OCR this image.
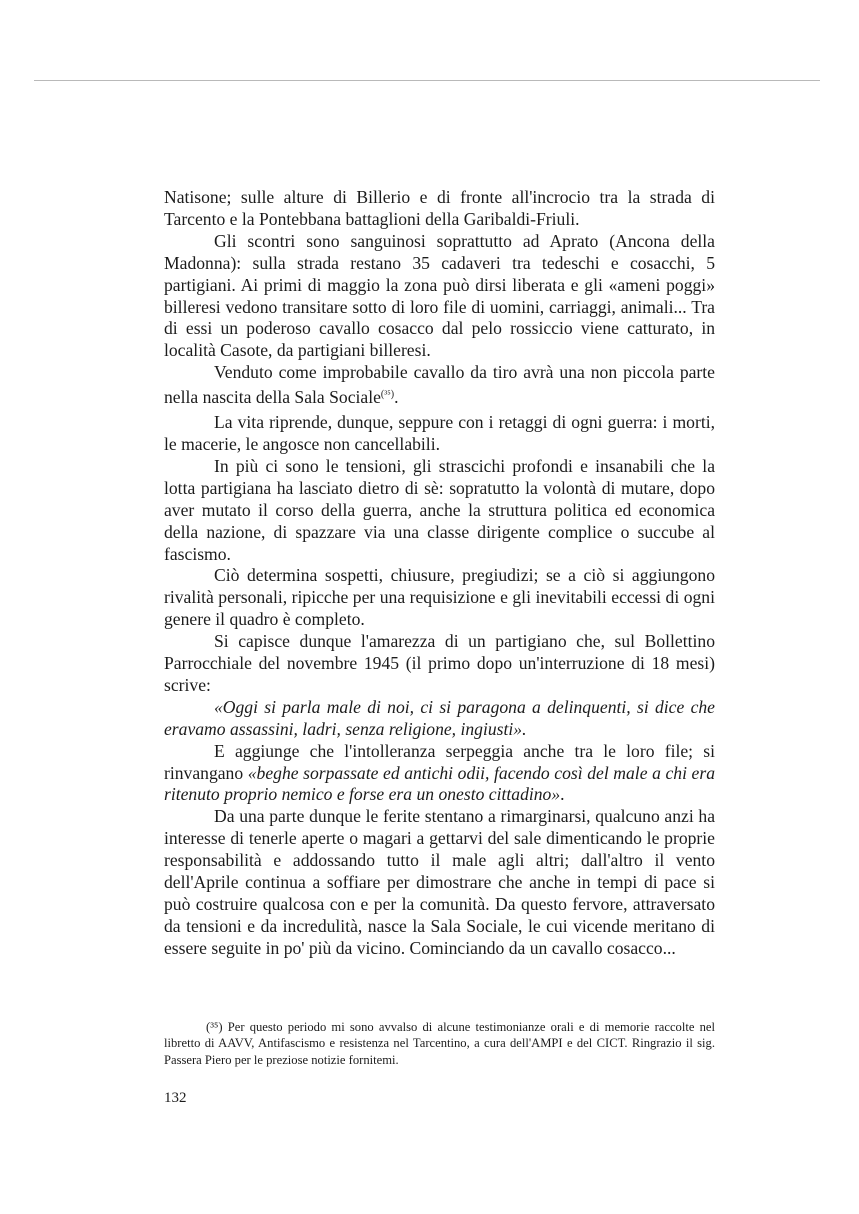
Natisone; sulle alture di Billerio e di fronte all'incrocio tra la strada di Tarcento e la Pontebbana battaglioni della Garibaldi-Friuli.

Gli scontri sono sanguinosi soprattutto ad Aprato (Ancona della Madonna): sulla strada restano 35 cadaveri tra tedeschi e cosacchi, 5 partigiani. Ai primi di maggio la zona può dirsi liberata e gli «ameni poggi» billeresi vedono transitare sotto di loro file di uomini, carriaggi, animali... Tra di essi un poderoso cavallo cosacco dal pelo rossiccio viene catturato, in località Casote, da partigiani billeresi.

Venduto come improbabile cavallo da tiro avrà una non piccola parte nella nascita della Sala Sociale$^{(^{35})}$.

La vita riprende, dunque, seppure con i retaggi di ogni guerra: i morti, le macerie, le angosce non cancellabili.

In più ci sono le tensioni, gli strascichi profondi e insanabili che la lotta partigiana ha lasciato dietro di sè: sopratutto la volontà di mutare, dopo aver mutato il corso della guerra, anche la struttura politica ed economica della nazione, di spazzare via una classe dirigente complice o succube al fascismo.

Ciò determina sospetti, chiusure, pregiudizi; se a ciò si aggiungono rivalità personali, ripicche per una requisizione e gli inevitabili eccessi di ogni genere il quadro è completo.

Si capisce dunque l'amarezza di un partigiano che, sul Bollettino Parrocchiale del novembre 1945 (il primo dopo un'interruzione di 18 mesi) scrive:

«Oggi si parla male di noi, ci si paragona a delinquenti, si dice che eravamo assassini, ladri, senza religione, ingiusti».

E aggiunge che l'intolleranza serpeggia anche tra le loro file; si rinvangano «beghe sorpassate ed antichi odii, facendo così del male a chi era ritenuto proprio nemico e forse era un onesto cittadino».

Da una parte dunque le ferite stentano a rimarginarsi, qualcuno anzi ha interesse di tenerle aperte o magari a gettarvi del sale dimenticando le proprie responsabilità e addossando tutto il male agli altri; dall'altro il vento dell'Aprile continua a soffiare per dimostrare che anche in tempi di pace si può costruire qualcosa con e per la comunità. Da questo fervore, attraversato da tensioni e da incredulità, nasce la Sala Sociale, le cui vicende meritano di essere seguite in po' più da vicino. Cominciando da un cavallo cosacco...

(³⁵) Per questo periodo mi sono avvalso di alcune testimonianze orali e di memorie raccolte nel libretto di AAVV, Antifascismo e resistenza nel Tarcentino, a cura dell'AMPI e del CICT. Ringrazio il sig. Passera Piero per le preziose notizie fornitemi.

132
